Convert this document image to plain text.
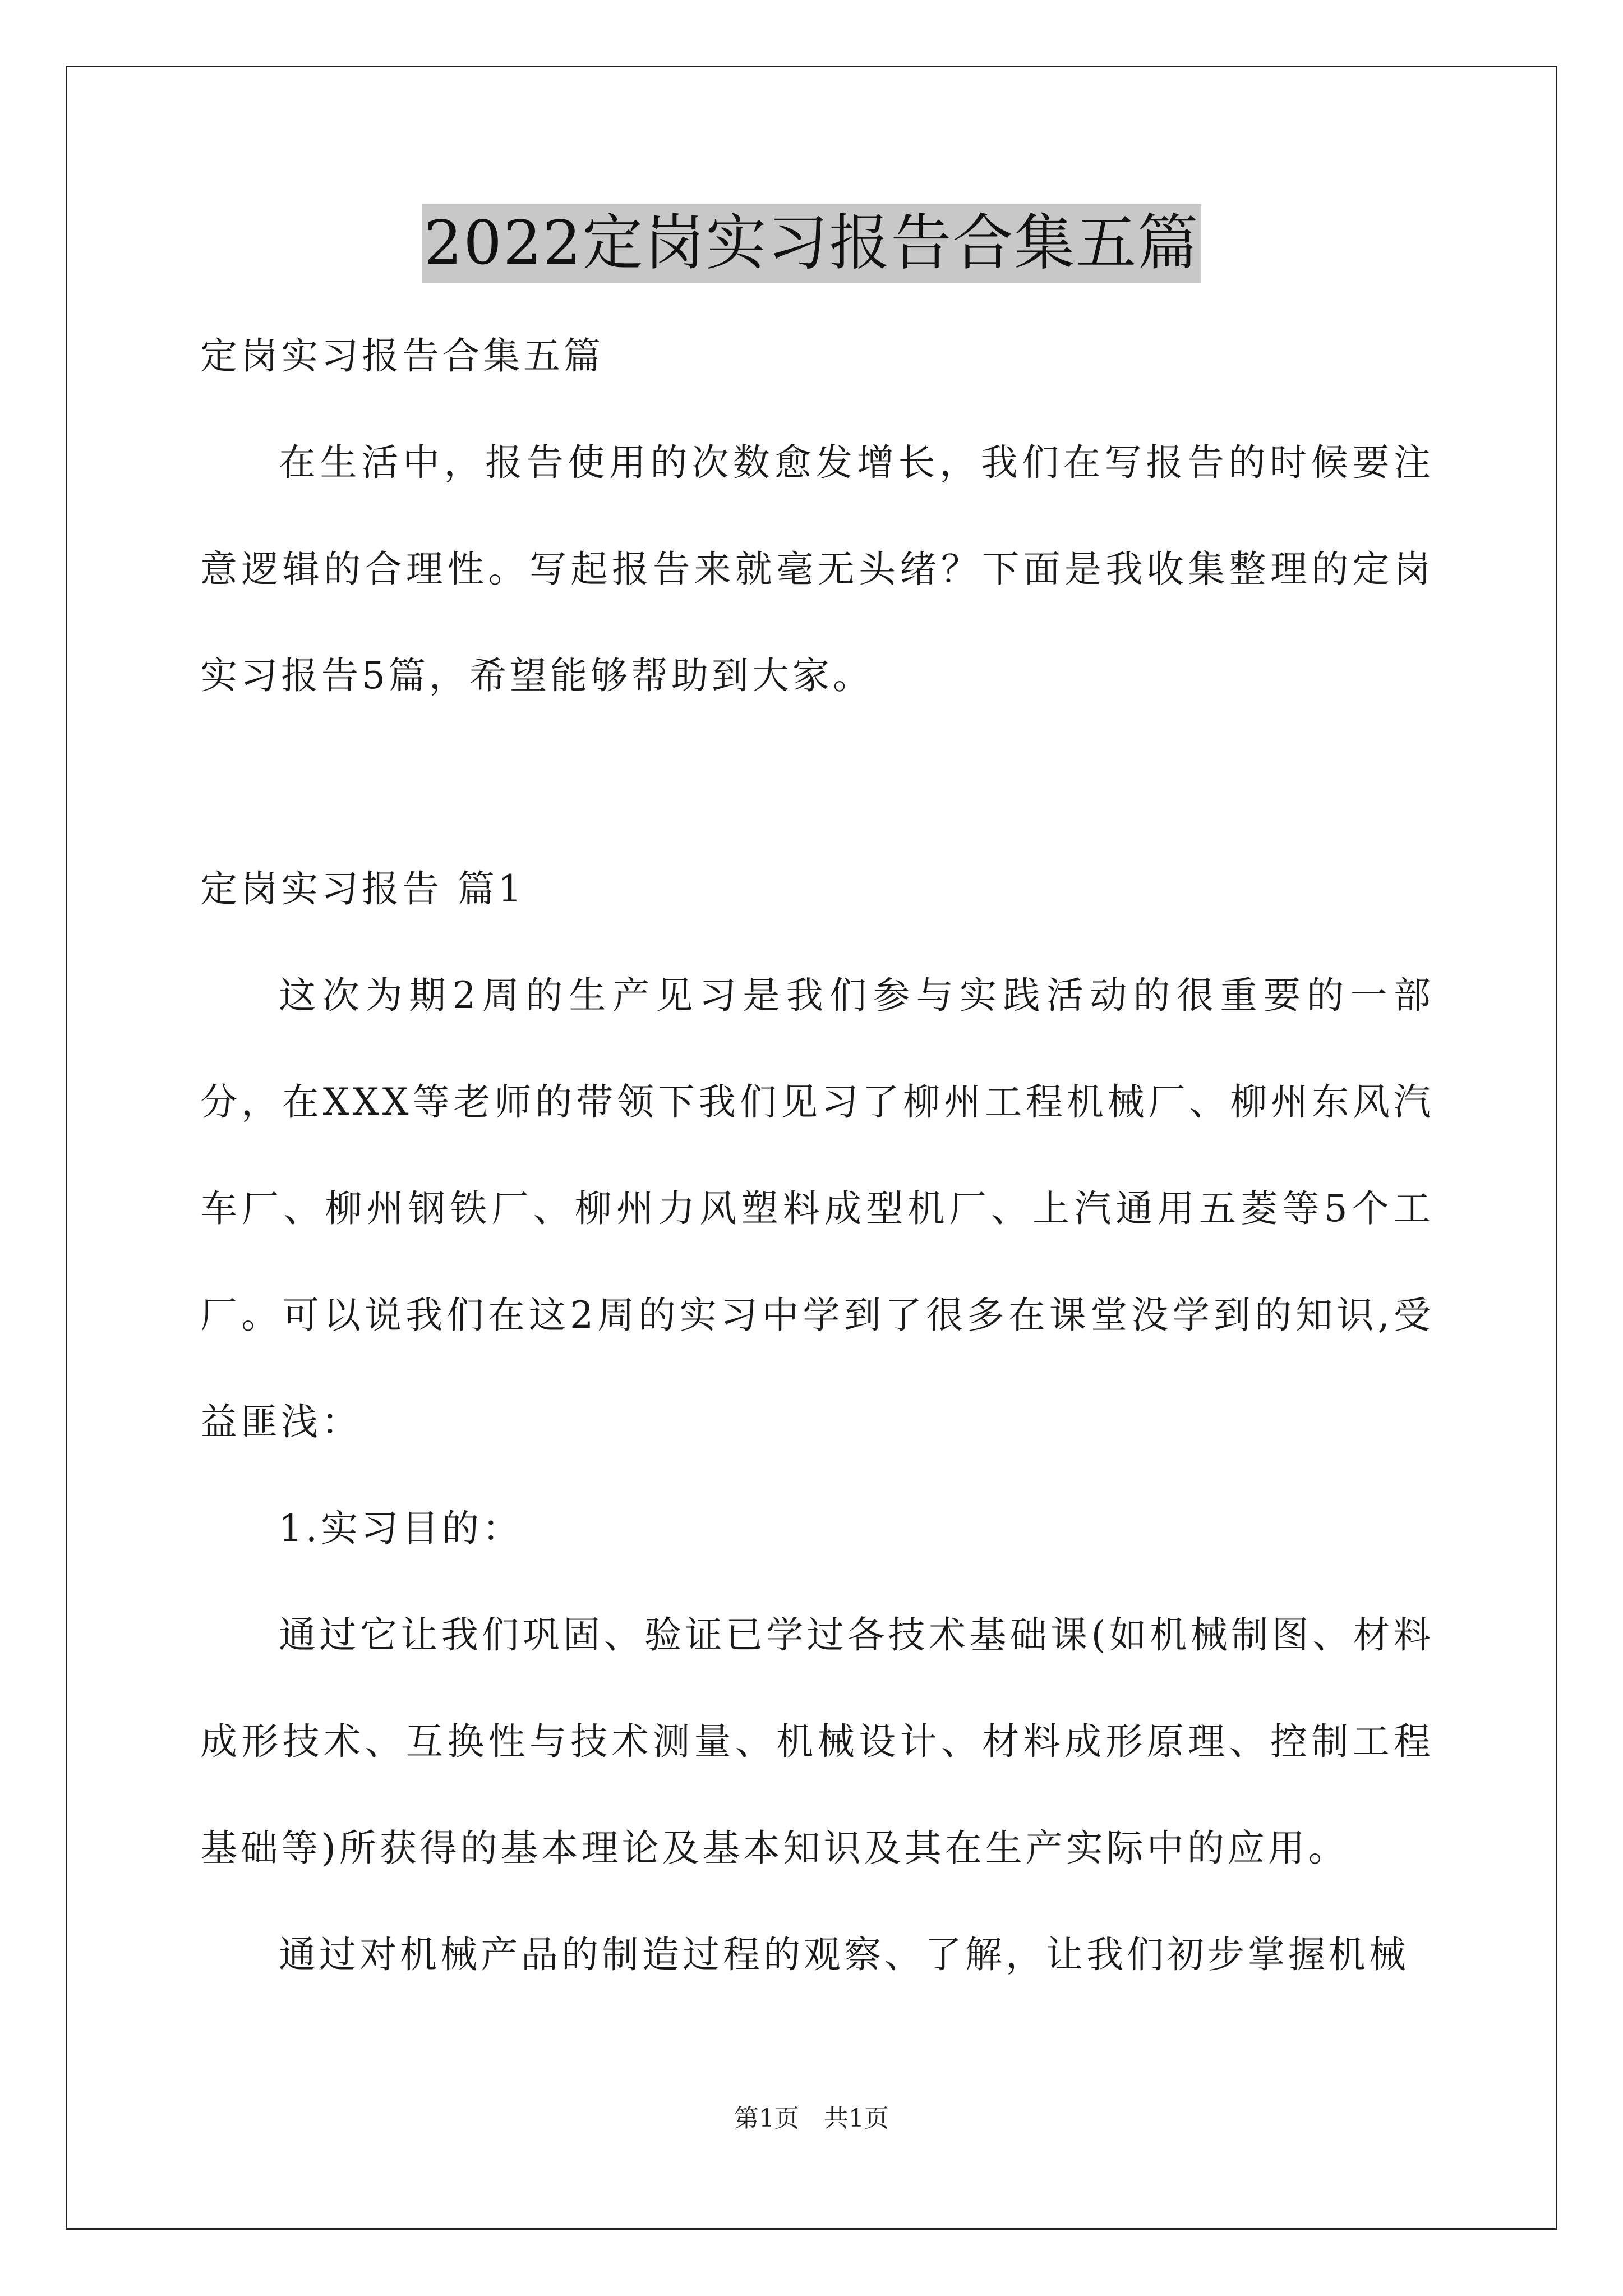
2022定岗实习报告合集五篇

定岗实习报告合集五篇

在生活中，报告使用的次数愈发增长，我们在写报告的时候要注意逻辑的合理性。写起报告来就毫无头绪？下面是我收集整理的定岗实习报告5篇，希望能够帮助到大家。

定岗实习报告 篇1

这次为期2周的生产见习是我们参与实践活动的很重要的一部分，在XXX等老师的带领下我们见习了柳州工程机械厂、柳州东风汽车厂、柳州钢铁厂、柳州力风塑料成型机厂、上汽通用五菱等5个工厂。可以说我们在这2周的实习中学到了很多在课堂没学到的知识,受益匪浅：

1.实习目的：

通过它让我们巩固、验证已学过各技术基础课(如机械制图、材料成形技术、互换性与技术测量、机械设计、材料成形原理、控制工程基础等)所获得的基本理论及基本知识及其在生产实际中的应用。

通过对机械产品的制造过程的观察、了解，让我们初步掌握机械

第1页　共1页
